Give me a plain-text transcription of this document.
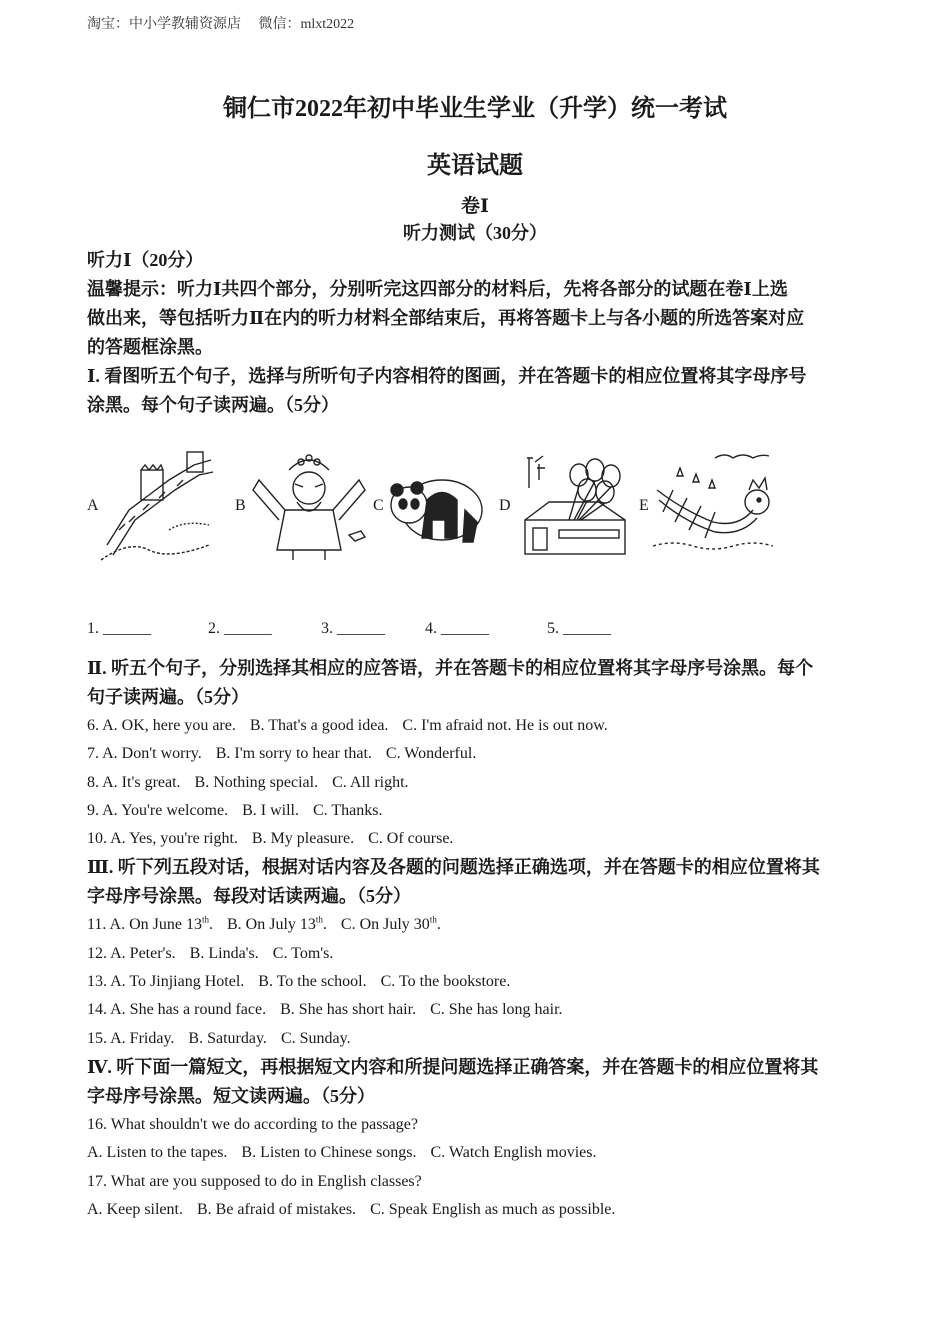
淘宝：中小学教辅资源店 微信：mlxt2022
铜仁市2022年初中毕业生学业（升学）统一考试
英语试题
卷Ⅰ
听力测试（30分）

听力Ⅰ（20分）

温馨提示：听力Ⅰ共四个部分，分别听完这四部分的材料后，先将各部分的试题在卷Ⅰ上选

做出来，等包括听力Ⅱ在内的听力材料全部结束后，再将答题卡上与各小题的所选答案对应

的答题框涂黑。

Ⅰ. 看图听五个句子，选择与所听句子内容相符的图画，并在答题卡的相应位置将其字母序号

涂黑。每个句子读两遍。（5分）

A	B	C	D	E
1. ______	2. ______	3. ______	4. ______	5. ______

Ⅱ. 听五个句子，分别选择其相应的应答语，并在答题卡的相应位置将其字母序号涂黑。每个

句子读两遍。（5分）

6. A. OK, here you are. B. That's a good idea. C. I'm afraid not. He is out now.

7. A. Don't worry. B. I'm sorry to hear that. C. Wonderful.

8. A. It's great. B. Nothing special. C. All right.

9. A. You're welcome. B. I will. C. Thanks.

10. A. Yes, you're right. B. My pleasure. C. Of course.

Ⅲ. 听下列五段对话，根据对话内容及各题的问题选择正确选项，并在答题卡的相应位置将其

字母序号涂黑。每段对话读两遍。（5分）

11. A. On June 13th. B. On July 13th. C. On July 30th.

12. A. Peter's. B. Linda's. C. Tom's.

13. A. To Jinjiang Hotel. B. To the school. C. To the bookstore.

14. A. She has a round face. B. She has short hair. C. She has long hair.

15. A. Friday. B. Saturday. C. Sunday.

Ⅳ. 听下面一篇短文，再根据短文内容和所提问题选择正确答案，并在答题卡的相应位置将其

字母序号涂黑。短文读两遍。（5分）

16. What shouldn't we do according to the passage?

A. Listen to the tapes. B. Listen to Chinese songs. C. Watch English movies.

17. What are you supposed to do in English classes?

A. Keep silent. B. Be afraid of mistakes. C. Speak English as much as possible.
